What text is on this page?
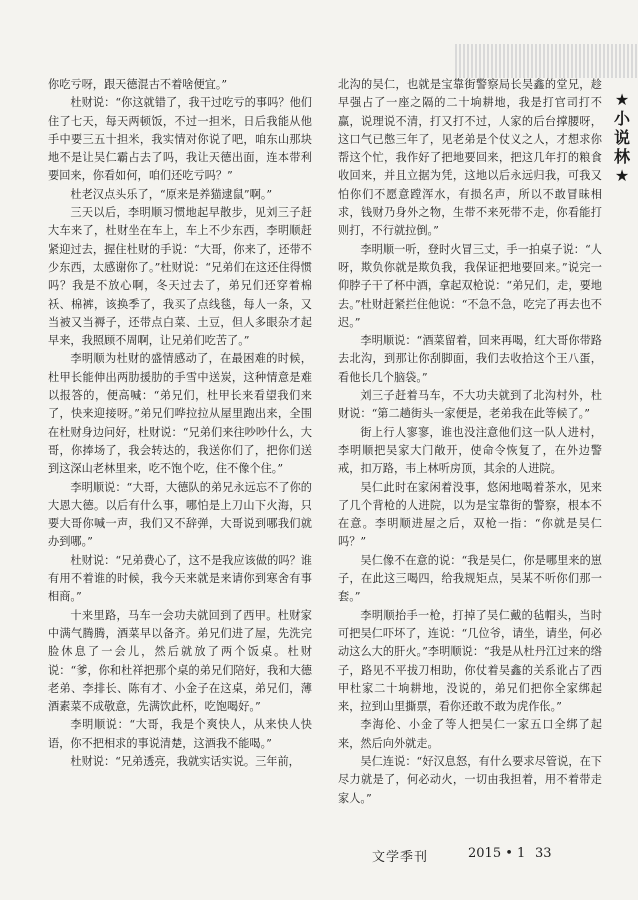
★
小
说
林
★

你吃亏呀，跟天德混古不着啥便宜。”

杜财说：“你这就错了，我干过吃亏的事吗？他们住了七天，每天两顿饭，不过一担米，日后我能从他手中要三五十担米，我实情对你说了吧，咱东山那块地不是让吴仁霸占去了吗，我让天德出面，连本带利要回来，你看如何，咱们还吃亏吗？”

杜老汉点头乐了，“原来是养猫逮鼠”啊。”

三天以后，李明顺习惯地起早散步，见刘三子赶大车来了，杜财坐在车上，车上不少东西，李明顺赶紧迎过去，握住杜财的手说：“大哥，你来了，还带不少东西，太感谢你了。”杜财说：“兄弟们在这还住得惯吗？我是不放心啊，冬天过去了，弟兄们还穿着棉袄、棉裤，该换季了，我买了点线毯，每人一条，又当被又当褥子，还带点白菜、土豆，但人多眼杂才起早来，我照顾不周啊，让兄弟们吃苦了。”

李明顺为杜财的盛情感动了，在最困难的时候，杜甲长能伸出两肋援肋的手雪中送炭，这种情意是难以报答的，便高喊：“弟兄们，杜甲长来看望我们来了，快来迎接呀。”弟兄们哗拉拉从屋里跑出来，全围在杜财身边问好，杜财说：“兄弟们来往吵吵什么，大哥，你捧场了，我会转达的，我送你们了，把你们送到这深山老林里来，吃不饱个吃，住不像个住。”

李明顺说：“大哥，大德队的弟兄永远忘不了你的大恩大德。以后有什么事，哪怕是上刀山下火海，只要大哥你喊一声，我们又不辞弹，大哥说到哪我们就办到哪。”

杜财说：“兄弟费心了，这不是我应该做的吗？谁有用不着谁的时候，我今天来就是来请你到寒舍有事相商。”

十来里路，马车一会功夫就回到了西甲。杜财家中满气腾腾，酒菜早以备齐。弟兄们进了屋，先洗完脸休息了一会儿，然后就放了两个饭桌。杜财说：“爹，你和杜祥把那个桌的弟兄们陪好，我和大德老弟、李排长、陈有才、小金子在这桌，弟兄们，薄酒素菜不成敬意，先满饮此杯，吃饱喝好。”

李明顺说：“大哥，我是个爽快人，从来快人快语，你不把相求的事说清楚，这酒我不能喝。”

杜财说：“兄弟透亮，我就实话实说。三年前，

北沟的吴仁，也就是宝靠街警察局长吴鑫的堂兄，趁早强占了一座之隔的二十垧耕地，我是打官司打不赢，说理说不清，打又打不过，人家的后台撑腰呀，这口气已憋三年了，见老弟是个仗义之人，才想求你帮这个忙，我作好了把地要回来，把这几年打的粮食收回来，并且立据为凭，这地以后永远归我，可我又怕你们不愿意蹚浑水，有损名声，所以不敢冒昧相求，钱财乃身外之物，生带不来死带不走，你看能打则打，不行就拉倒。”

李明顺一听，登时火冒三丈，手一拍桌子说：“人呀，欺负你就是欺负我，我保证把地要回来。”说完一仰脖子干了杯中酒，拿起双枪说：“弟兄们，走，要地去。”杜财赶紧拦住他说：“不急不急，吃完了再去也不迟。”

李明顺说：“酒菜留着，回来再喝，红大哥你带路去北沟，到那让你刮脚面，我们去收拾这个王八蛋，看他长几个脑袋。”

刘三子赶着马车，不大功夫就到了北沟村外，杜财说：“第二趟街头一家便是，老弟我在此等候了。”

街上行人寥寥，谁也没注意他们这一队人进村，李明顺把吴家大门敞开，使命令恢复了，在外边警戒，扣万路，韦上林听房顶，其余的人进院。

吴仁此时在家闲着没事，悠闲地喝着茶水，见来了几个背枪的人进院，以为是宝靠街的警察，根本不在意。李明顺进屋之后，双枪一指：“你就是吴仁吗？”

吴仁像不在意的说：“我是吴仁，你是哪里来的崽子，在此这三喝四，给我规矩点，吴某不听你们那一套。”

李明顺抬手一枪，打掉了吴仁戴的毡帽头，当时可把吴仁吓坏了，连说：“几位爷，请坐，请坐，何必动这么大的肝火。”李明顺说：“我是从杜丹江过来的绺子，路见不平拔刀相助，你仗着吴鑫的关系讹占了西甲杜家二十垧耕地，没说的，弟兄们把你全家绑起来，拉到山里撕票，看你还敢不敢为虎作伥。”

李海伦、小金了等人把吴仁一家五口全绑了起来，然后向外就走。

吴仁连说：“好汉息怒，有什么要求尽管说，在下尽力就是了，何必动火，一切由我担着，用不着带走家人。”

文学季刊	2015 • 1 33
